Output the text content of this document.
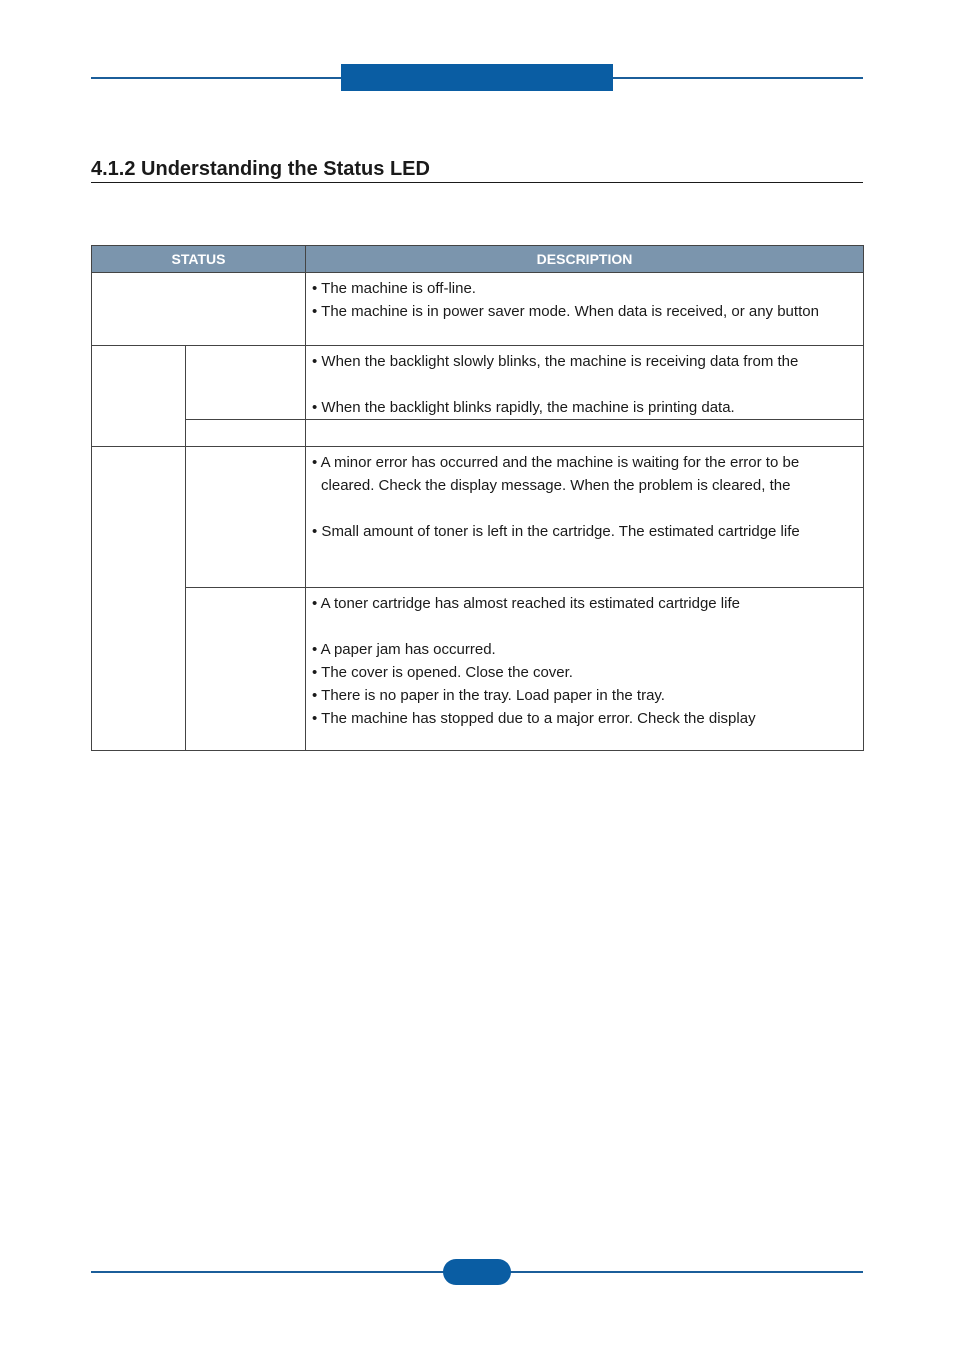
4.1.2 Understanding the Status LED
STATUS		DESCRIPTION

		• The machine is off-line.
• The machine is in power saver mode. When data is received, or any button

		• When the backlight slowly blinks, the machine is receiving data from the
• When the backlight blinks rapidly, the machine is printing data.

		• A minor error has occurred and the machine is waiting for the error to be
cleared. Check the display message. When the problem is cleared, the
• Small amount of toner is left in the cartridge. The estimated cartridge life

		• A toner cartridge has almost reached its estimated cartridge life
• A paper jam has occurred.
• The cover is opened. Close the cover.
• There is no paper in the tray. Load paper in the tray.
• The machine has stopped due to a major error. Check the display
